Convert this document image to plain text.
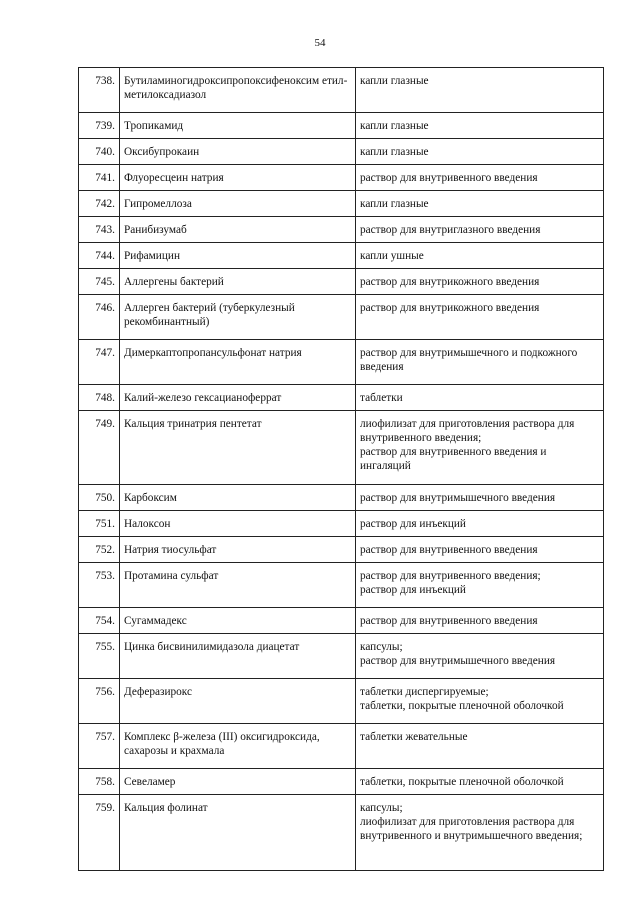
54
738.	Бутиламиногидроксипропоксифеноксим етил-метилоксадиазол	капли глазные
739.	Тропикамид	капли глазные
740.	Оксибупрокаин	капли глазные
741.	Флуоресцеин натрия	раствор для внутривенного введения
742.	Гипромеллоза	капли глазные
743.	Ранибизумаб	раствор для внутриглазного введения
744.	Рифамицин	капли ушные
745.	Аллергены бактерий	раствор для внутрикожного введения
746.	Аллерген бактерий (туберкулезный рекомбинантный)	раствор для внутрикожного введения
747.	Димеркаптопропансульфонат натрия	раствор для внутримышечного и подкожного введения
748.	Калий-железо гексацианоферрат	таблетки
749.	Кальция тринатрия пентетат	лиофилизат для приготовления раствора для внутривенного введения;
раствор для внутривенного введения и ингаляций
750.	Карбоксим	раствор для внутримышечного введения
751.	Налоксон	раствор для инъекций
752.	Натрия тиосульфат	раствор для внутривенного введения
753.	Протамина сульфат	раствор для внутривенного введения;
раствор для инъекций
754.	Сугаммадекс	раствор для внутривенного введения
755.	Цинка бисвинилимидазола диацетат	капсулы;
раствор для внутримышечного введения
756.	Деферазирокс	таблетки диспергируемые;
таблетки, покрытые пленочной оболочкой
757.	Комплекс β-железа (III) оксигидроксида, сахарозы и крахмала	таблетки жевательные
758.	Севеламер	таблетки, покрытые пленочной оболочкой
759.	Кальция фолинат	капсулы;
лиофилизат для приготовления раствора для внутривенного и внутримышечного введения;
